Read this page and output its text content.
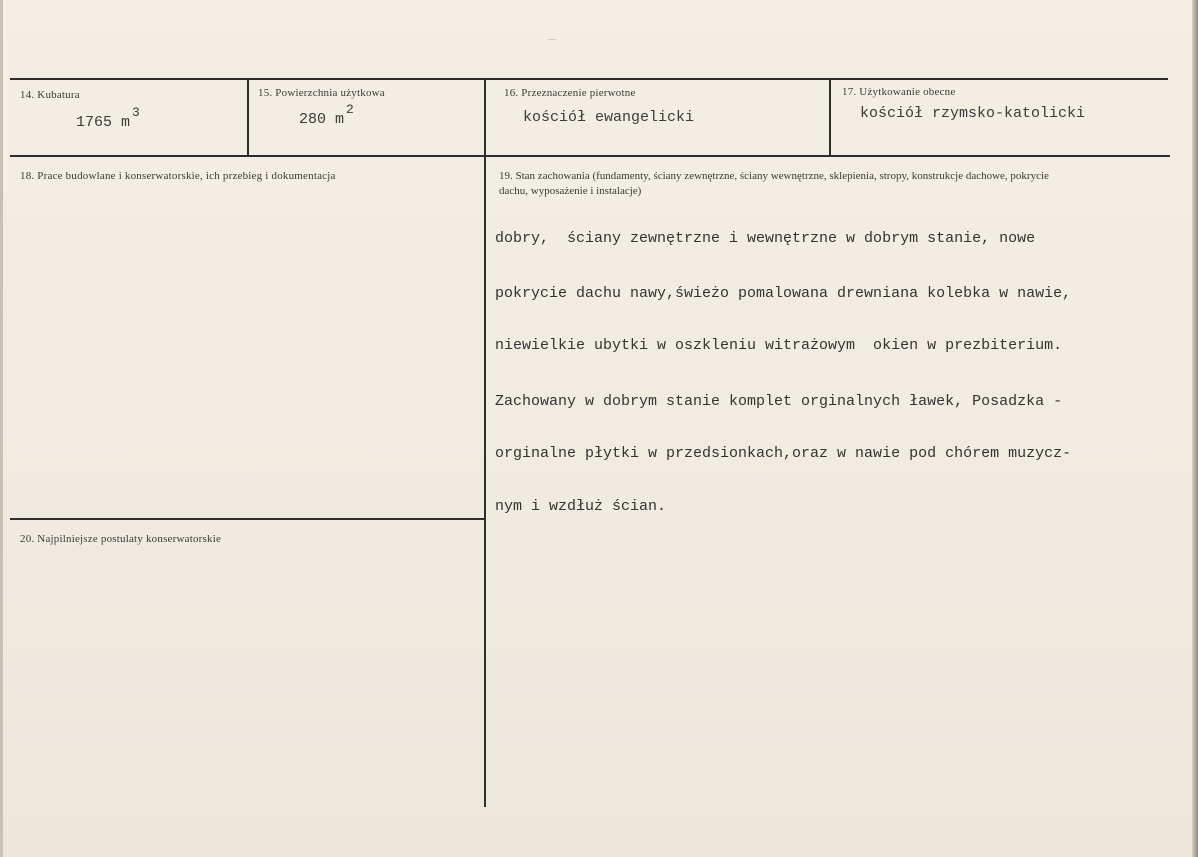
—
14. Kubatura
1765 m3
15. Powierzchnia użytkowa
280 m2
16. Przeznaczenie pierwotne
kościół ewangelicki
17. Użytkowanie obecne
kościół rzymsko-katolicki
18. Prace budowlane i konserwatorskie, ich przebieg i dokumentacja	19. Stan zachowania (fundamenty, ściany zewnętrzne, ściany wewnętrzne, sklepienia, stropy, konstrukcje dachowe, pokrycie dachu, wyposażenie i instalacje)

dobry,  ściany zewnętrzne i wewnętrzne w dobrym stanie, nowe

pokrycie dachu nawy,świeżo pomalowana drewniana kolebka w nawie,

niewielkie ubytki w oszkleniu witrażowym  okien w prezbiterium.

Zachowany w dobrym stanie komplet orginalnych ławek, Posadzka -

orginalne płytki w przedsionkach,oraz w nawie pod chórem muzycz-

nym i wzdłuż ścian.

20. Najpilniejsze postulaty konserwatorskie
